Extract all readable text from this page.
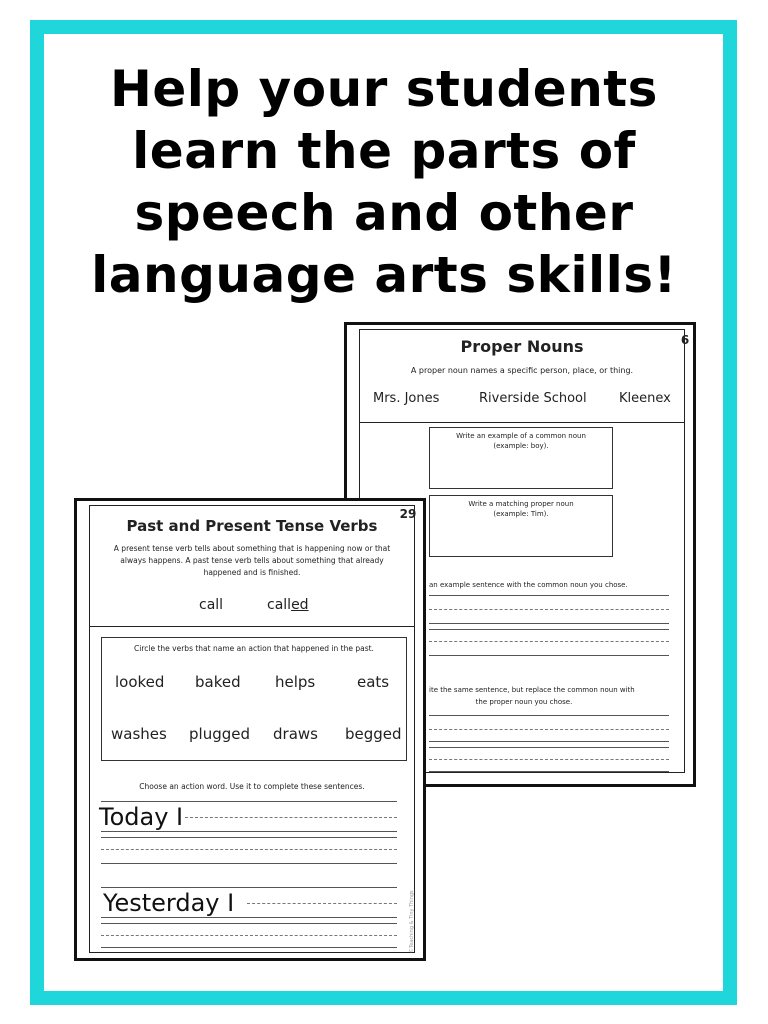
Help your students
learn the parts of
speech and other
language arts skills!
Proper Nouns	6
A proper noun names a specific person, place, or thing.
Mrs. Jones	Riverside School Kleenex
Write an example of a common noun
(example: boy).
Write a matching proper noun
(example: Tim).
an example sentence with the common noun you chose.
ite the same sentence, but replace the common noun with
the proper noun you chose.
Past and Present Tense Verbs
29
A present tense verb tells about something that is happening now or that
always happens. A past tense verb tells about something that already
happened and is finished.
call	called
Circle the verbs that name an action that happened in the past.
looked baked helps	eats
washes plugged draws begged
Choose an action word. Use it to complete these sentences.
Today I
Yesterday I	©Teaching & Tiny Things
